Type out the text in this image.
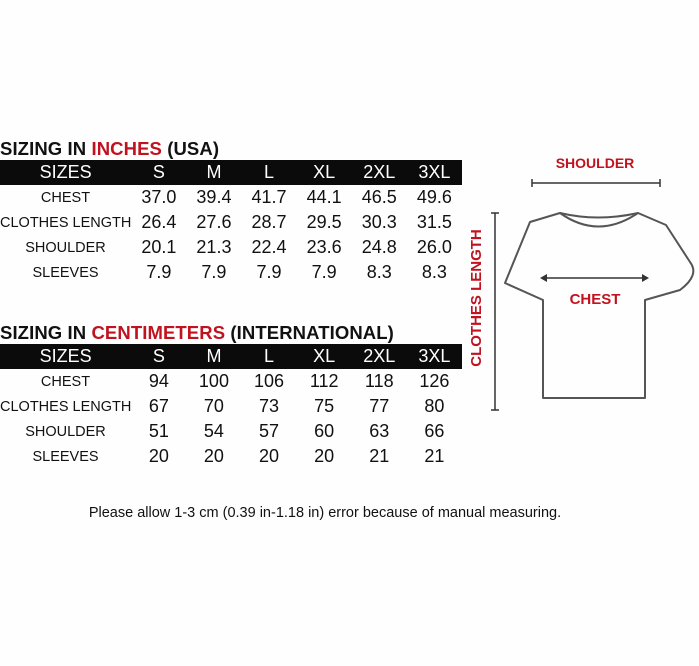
SIZING IN INCHES (USA)
SIZES	S	M	L	XL	2XL	3XL
CHEST	37.0	39.4	41.7	44.1	46.5	49.6
CLOTHES LENGTH	26.4	27.6	28.7	29.5	30.3	31.5
SHOULDER	20.1	21.3	22.4	23.6	24.8	26.0
SLEEVES	7.9	7.9	7.9	7.9	8.3	8.3
SIZING IN CENTIMETERS (INTERNATIONAL)
SIZES	S	M	L	XL	2XL	3XL
CHEST	94	100	106	112	118	126
CLOTHES LENGTH	67	70	73	75	77	80
SHOULDER	51	54	57	60	63	66
SLEEVES	20	20	20	20	21	21
SHOULDER
CHEST
CLOTHES LENGTH
Please allow 1-3 cm (0.39 in-1.18 in) error because of manual measuring.
